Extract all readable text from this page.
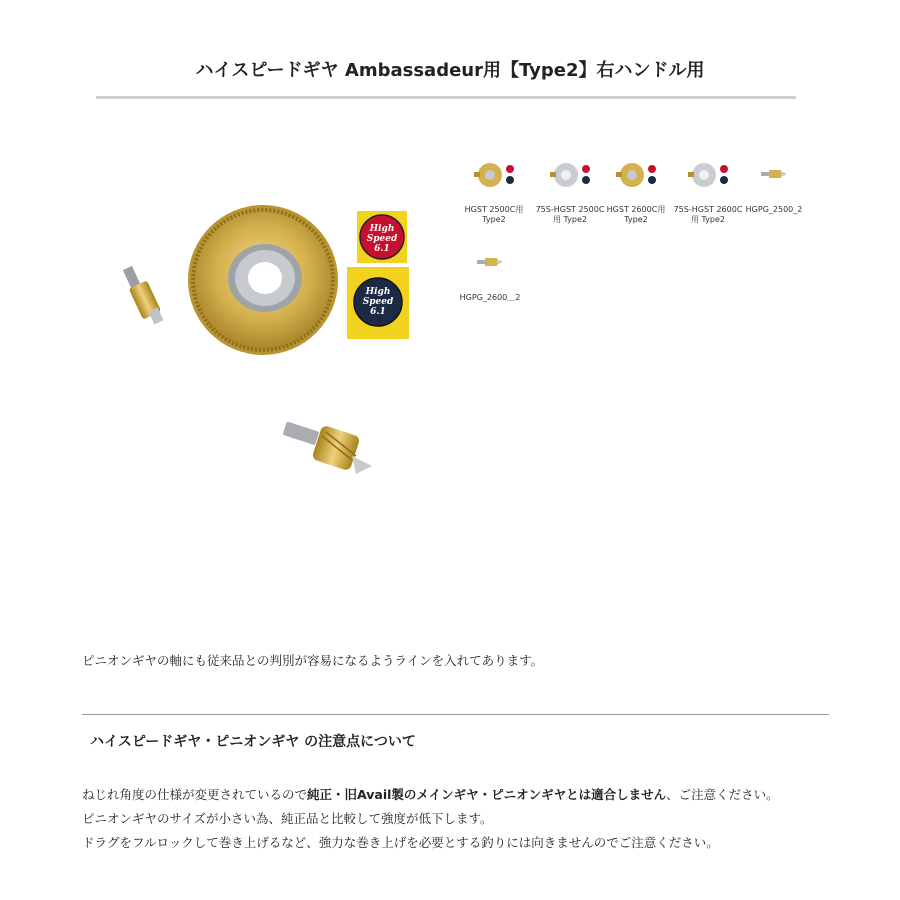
ハイスピードギヤ Ambassadeur用【Type2】右ハンドル用
High
Speed
6.1
High
Speed
6.1
HGST 2500C用
Type2
75S-HGST 2500C
用 Type2
HGST 2600C用
Type2
75S-HGST 2600C
用 Type2
HGPG_2500_2
HGPG_2600＿2
ピニオンギヤの軸にも従来品との判別が容易になるようラインを入れてあります。
ハイスピードギヤ・ピニオンギヤ の注意点について
ねじれ角度の仕様が変更されているので純正・旧Avail製のメインギヤ・ピニオンギヤとは適合しません、ご注意ください。
ピニオンギヤのサイズが小さい為、純正品と比較して強度が低下します。
ドラグをフルロックして巻き上げるなど、強力な巻き上げを必要とする釣りには向きませんのでご注意ください。
